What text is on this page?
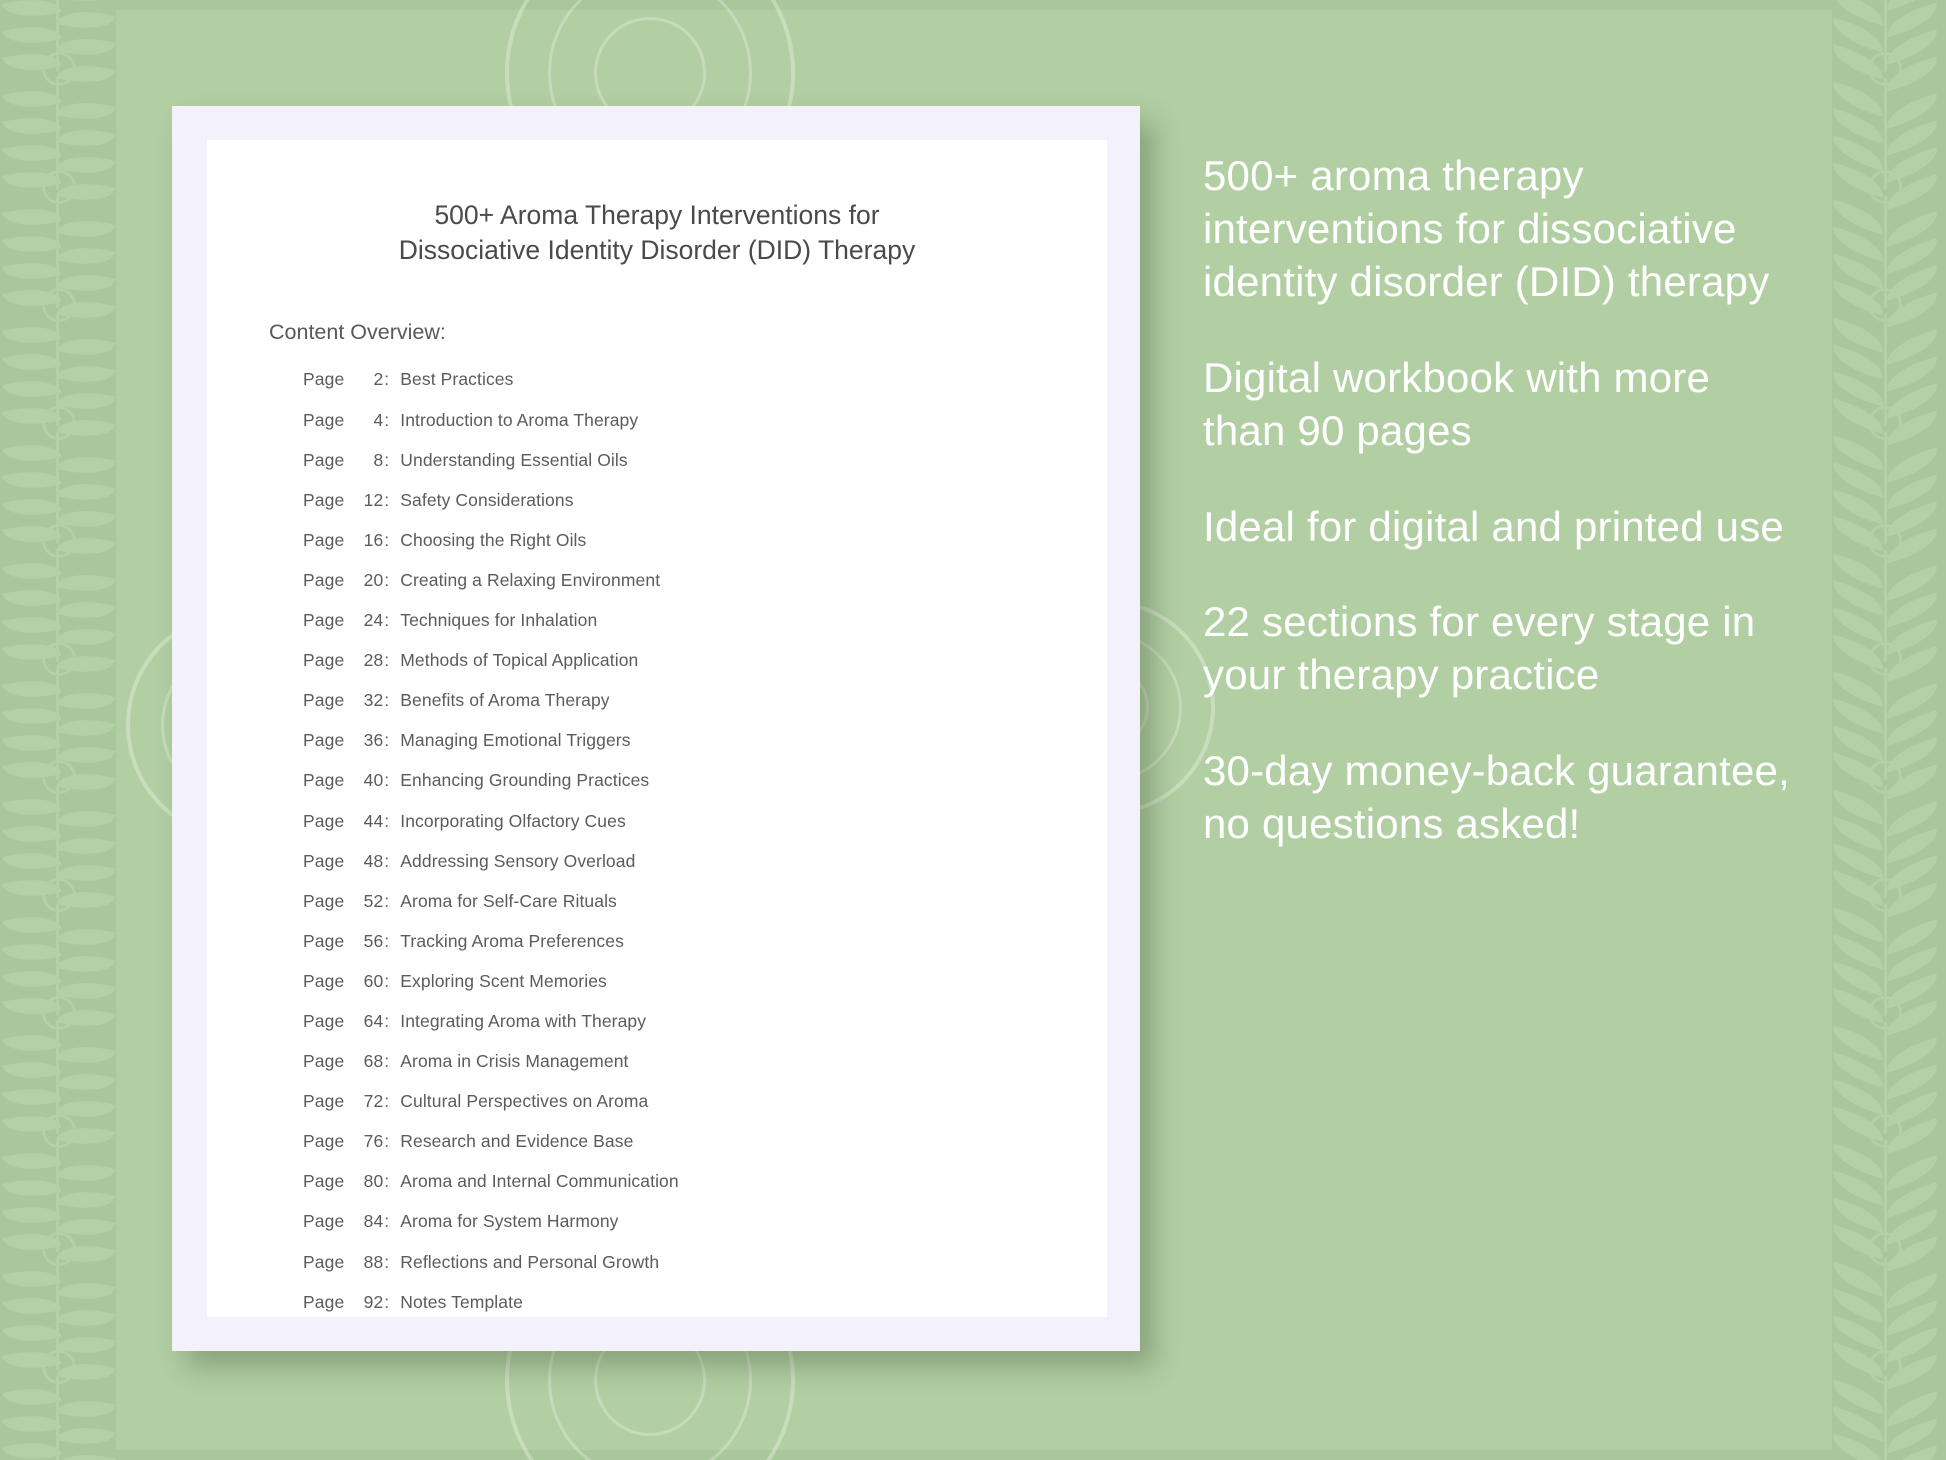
500+ Aroma Therapy Interventions for
Dissociative Identity Disorder (DID) Therapy
Content Overview:
Page	2 : Best Practices
Page	4 : Introduction to Aroma Therapy
Page	8 : Understanding Essential Oils
Page	12 : Safety Considerations
Page	16 : Choosing the Right Oils
Page	20 : Creating a Relaxing Environment
Page	24 : Techniques for Inhalation
Page	28 : Methods of Topical Application
Page	32 : Benefits of Aroma Therapy
Page	36 : Managing Emotional Triggers
Page	40 : Enhancing Grounding Practices
Page	44 : Incorporating Olfactory Cues
Page	48 : Addressing Sensory Overload
Page	52 : Aroma for Self-Care Rituals
Page	56 : Tracking Aroma Preferences
Page	60 : Exploring Scent Memories
Page	64 : Integrating Aroma with Therapy
Page	68 : Aroma in Crisis Management
Page	72 : Cultural Perspectives on Aroma
Page	76 : Research and Evidence Base
Page	80 : Aroma and Internal Communication
Page	84 : Aroma for System Harmony
Page	88 : Reflections and Personal Growth
Page	92 : Notes Template

500+ aroma therapy interventions for dissociative identity disorder (DID) therapy

Digital workbook with more than 90 pages

Ideal for digital and printed use

22 sections for every stage in your therapy practice

30-day money-back guarantee, no questions asked!
